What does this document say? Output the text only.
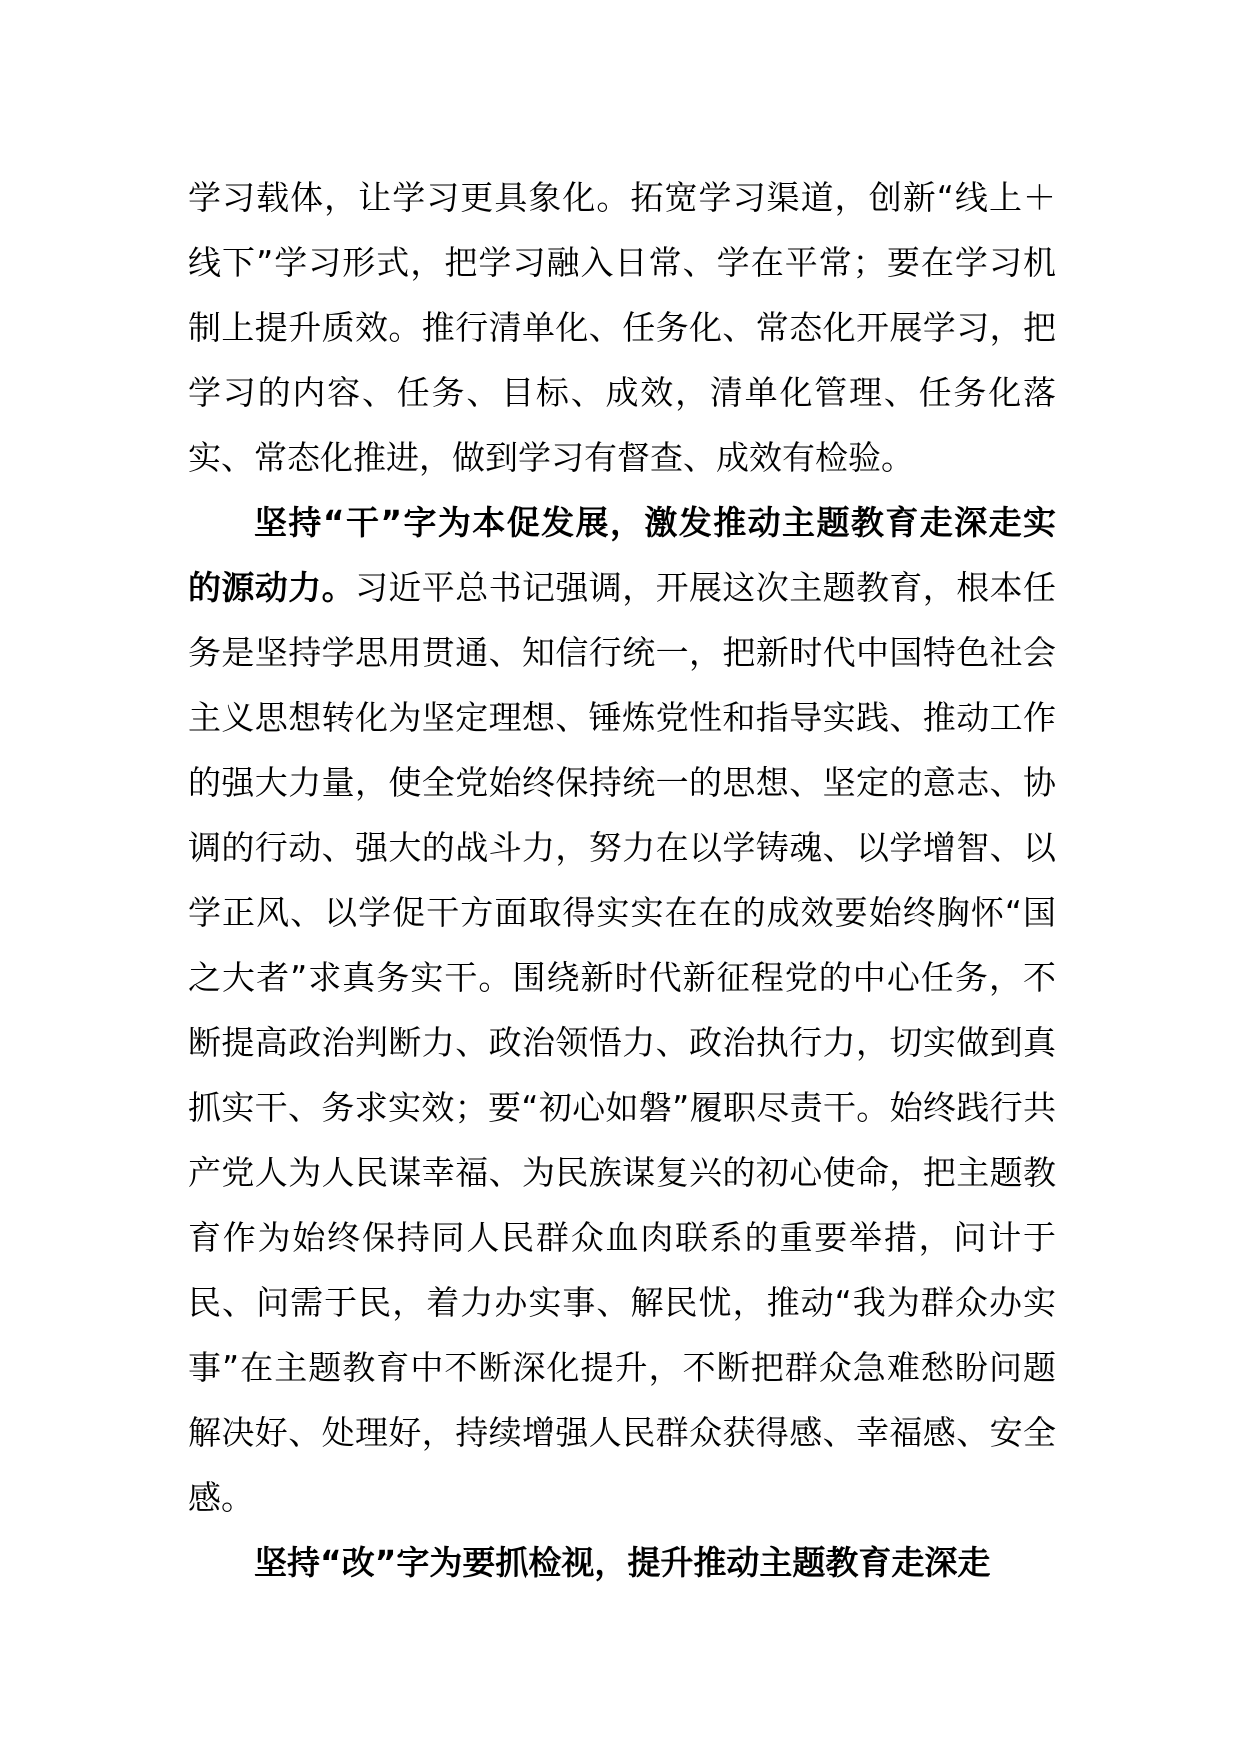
学习载体，让学习更具象化。拓宽学习渠道，创新“线上＋线下”学习形式，把学习融入日常、学在平常；要在学习机制上提升质效。推行清单化、任务化、常态化开展学习，把学习的内容、任务、目标、成效，清单化管理、任务化落实、常态化推进，做到学习有督查、成效有检验。

坚持“干”字为本促发展，激发推动主题教育走深走实的源动力。习近平总书记强调，开展这次主题教育，根本任务是坚持学思用贯通、知信行统一，把新时代中国特色社会主义思想转化为坚定理想、锤炼党性和指导实践、推动工作的强大力量，使全党始终保持统一的思想、坚定的意志、协调的行动、强大的战斗力，努力在以学铸魂、以学增智、以学正风、以学促干方面取得实实在在的成效要始终胸怀“国之大者”求真务实干。围绕新时代新征程党的中心任务，不断提高政治判断力、政治领悟力、政治执行力，切实做到真抓实干、务求实效；要“初心如磐”履职尽责干。始终践行共产党人为人民谋幸福、为民族谋复兴的初心使命，把主题教育作为始终保持同人民群众血肉联系的重要举措，问计于民、问需于民，着力办实事、解民忧，推动“我为群众办实事”在主题教育中不断深化提升，不断把群众急难愁盼问题解决好、处理好，持续增强人民群众获得感、幸福感、安全感。

坚持“改”字为要抓检视，提升推动主题教育走深走
